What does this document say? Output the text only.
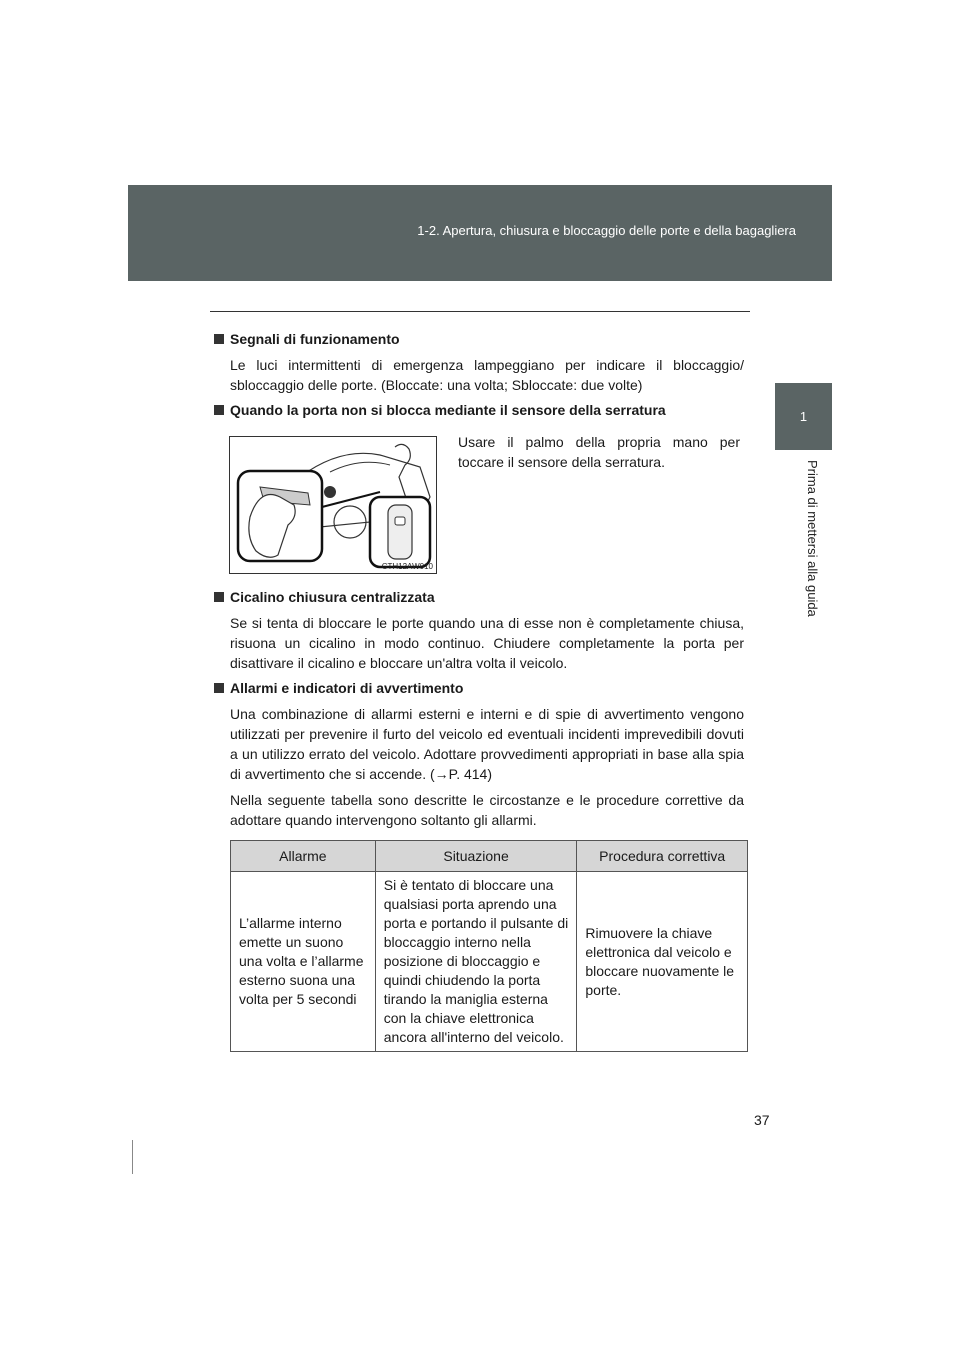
1-2. Apertura, chiusura e bloccaggio delle porte e della bagagliera
1
Prima di mettersi alla guida
Segnali di funzionamento
Le luci intermittenti di emergenza lampeggiano per indicare il bloccaggio/ sbloccaggio delle porte. (Bloccate: una volta; Sbloccate: due volte)
Quando la porta non si blocca mediante il sensore della serratura
CTH12AW010
Usare il palmo della propria mano per toccare il sensore della serratura.
Cicalino chiusura centralizzata
Se si tenta di bloccare le porte quando una di esse non è completamente chiusa, risuona un cicalino in modo continuo. Chiudere completamente la porta per disattivare il cicalino e bloccare un'altra volta il veicolo.
Allarmi e indicatori di avvertimento
Una combinazione di allarmi esterni e interni e di spie di avvertimento vengono utilizzati per prevenire il furto del veicolo ed eventuali incidenti imprevedibili dovuti a un utilizzo errato del veicolo. Adottare provvedimenti appropriati in base alla spia di avvertimento che si accende. (→P. 414)
Nella seguente tabella sono descritte le circostanze e le procedure correttive da adottare quando intervengono soltanto gli allarmi.
Allarme	Situazione	Procedura correttiva
L’allarme interno emette un suono una volta e l’allarme esterno suona una volta per 5 secondi	Si è tentato di bloccare una qualsiasi porta aprendo una porta e portando il pulsante di bloccaggio interno nella posizione di bloccaggio e quindi chiudendo la porta tirando la maniglia esterna con la chiave elettronica ancora all'interno del veicolo.	Rimuovere la chiave elettronica dal veicolo e bloccare nuovamente le porte.
37
